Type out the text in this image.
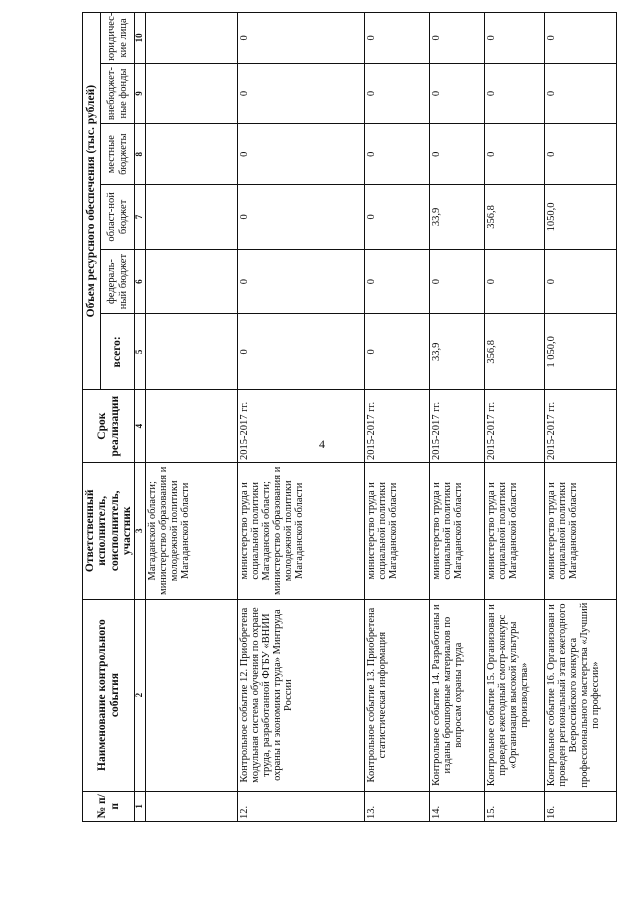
4
№ п/п	Наименование контрольного события	Ответственный исполнитель, соисполнитель, участник	Срок реализации	Объем ресурсного обеспечения (тыс. рублей)					
				всего:	федераль-ный бюджет	област-ной бюджет	местные бюджеты	внебюджет-ные фонды	юридичес-кие лица
1	2	3	4	5	6	7	8	9	10
		Магаданской области; министерство образования и молодежной политики Магаданской области							
12.	Контрольное событие 12. Приобретена модульная система обучения по охране труда, разработанной ФГБУ «ВНИИ охраны и экономики труда» Минтруда России	министерство труда и социальной политики Магаданской области; министерство образования и молодежной политики Магаданской области	2015-2017 гг.	0	0	0	0	0	0
13.	Контрольное событие 13. Приобретена статистическая информация	министерство труда и социальной политики Магаданской области	2015-2017 гг.	0	0	0	0	0	0
14.	Контрольное событие 14. Разработаны и изданы брошюрные материалов по вопросам охраны труда	министерство труда и социальной политики Магаданской области	2015-2017 гг.	33,9	0	33,9	0	0	0
15.	Контрольное событие 15. Организован и проведен ежегодный смотр-конкурс «Организация высокой культуры производства»	министерство труда и социальной политики Магаданской области	2015-2017 гг.	356,8	0	356,8	0	0	0
16.	Контрольное событие 16. Организован и проведен региональный этап ежегодного Всероссийского конкурса профессионального мастерства «Лучший по профессии»	министерство труда и социальной политики Магаданской области	2015-2017 гг.	1 050,0	0	1050,0	0	0	0
